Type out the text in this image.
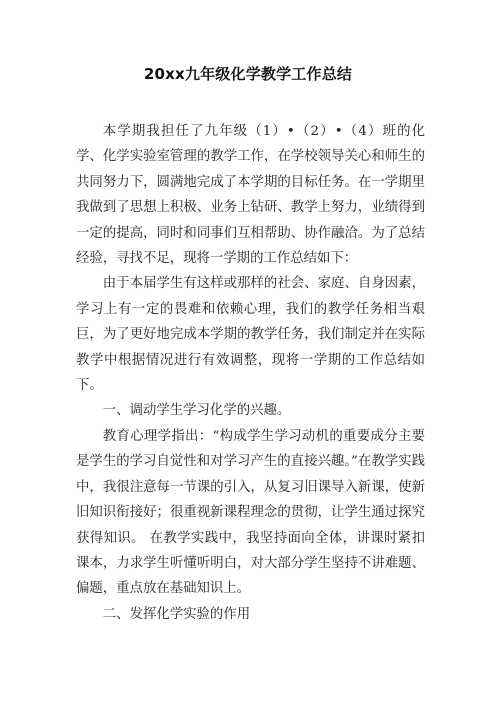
20xx九年级化学教学工作总结

本学期我担任了九年级（1）•（2）•（4）班的化学、化学实验室管理的教学工作，在学校领导关心和师生的共同努力下，圆满地完成了本学期的目标任务。在一学期里我做到了思想上积极、业务上钻研、教学上努力，业绩得到一定的提高，同时和同事们互相帮助、协作融洽。为了总结经验，寻找不足，现将一学期的工作总结如下：

由于本届学生有这样或那样的社会、家庭、自身因素，学习上有一定的畏难和依赖心理，我们的教学任务相当艰巨，为了更好地完成本学期的教学任务，我们制定并在实际教学中根据情况进行有效调整，现将一学期的工作总结如下。

一、调动学生学习化学的兴趣。

教育心理学指出：“构成学生学习动机的重要成分主要是学生的学习自觉性和对学习产生的直接兴趣。”在教学实践中，我很注意每一节课的引入，从复习旧课导入新课，使新旧知识衔接好；很重视新课程理念的贯彻，让学生通过探究获得知识。 在教学实践中，我坚持面向全体，讲课时紧扣课本，力求学生听懂听明白，对大部分学生坚持不讲难题、偏题，重点放在基础知识上。

二、发挥化学实验的作用
